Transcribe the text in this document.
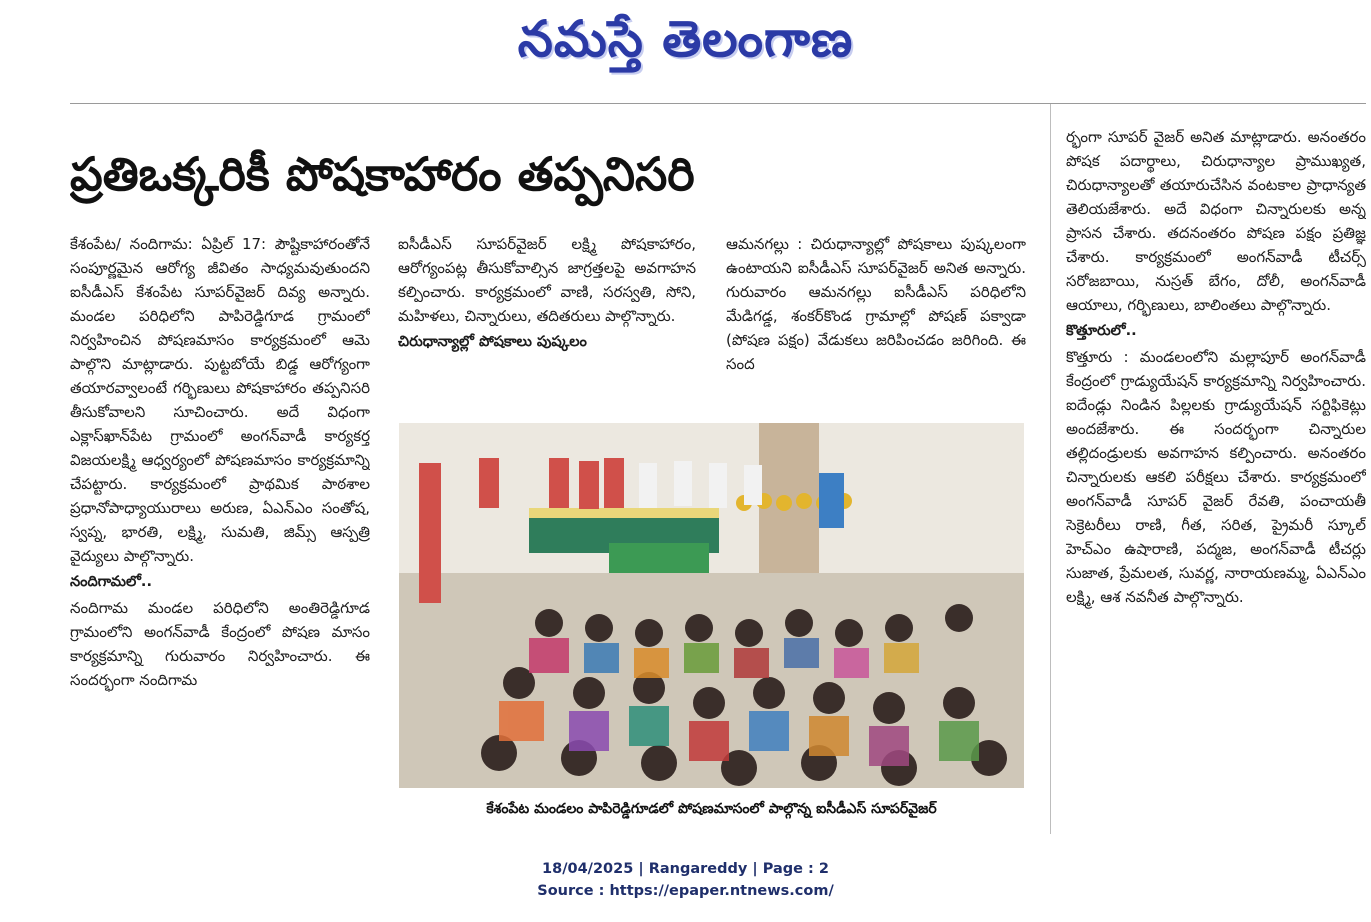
నమస్తే తెలంగాణ
ప్రతిఒక్కరికీ పోషకాహారం తప్పనిసరి

కేశంపేట/ నందిగామ: ఏప్రిల్ 17: పౌష్టికాహారంతోనే సంపూర్ణమైన ఆరోగ్య జీవితం సాధ్యమవుతుందని ఐసీడీఎస్ కేశంపేట సూపర్‌వైజర్ దివ్య అన్నారు. మండల పరిధిలోని పాపిరెడ్డిగూడ గ్రామంలో నిర్వహించిన పోషణమాసం కార్యక్రమంలో ఆమె పాల్గొని మాట్లాడారు. పుట్టబోయే బిడ్డ ఆరోగ్యంగా తయారవ్వాలంటే గర్భిణులు పోషకాహారం తప్పనిసరి తీసుకోవాలని సూచించారు. అదే విధంగా ఎక్లాస్‌ఖాన్‌పేట గ్రామంలో అంగన్‌వాడీ కార్యకర్త విజయలక్ష్మి ఆధ్వర్యంలో పోషణమాసం కార్యక్రమాన్ని చేపట్టారు. కార్యక్రమంలో ప్రాథమిక పాఠశాల ప్రధానోపాధ్యాయురాలు అరుణ, ఏఎన్‌ఎం సంతోష, స్వప్న, భారతి, లక్ష్మి, సుమతి, జిమ్స్ ఆస్పత్రి వైద్యులు పాల్గొన్నారు.

నందిగామలో..

నందిగామ మండల పరిధిలోని అంతిరెడ్డిగూడ గ్రామంలోని అంగన్‌వాడీ కేంద్రంలో పోషణ మాసం కార్యక్రమాన్ని గురువారం నిర్వహించారు. ఈ సందర్భంగా నందిగామ

ఐసీడీఎస్ సూపర్‌వైజర్ లక్ష్మి పోషకాహారం, ఆరోగ్యంపట్ల తీసుకోవాల్సిన జాగ్రత్తలపై అవగాహన కల్పించారు. కార్యక్రమంలో వాణి, సరస్వతి, సోని, మహిళలు, చిన్నారులు, తదితరులు పాల్గొన్నారు.

చిరుధాన్యాల్లో పోషకాలు పుష్కలం

ఆమనగల్లు : చిరుధాన్యాల్లో పోషకాలు పుష్కలంగా ఉంటాయని ఐసీడీఎస్ సూపర్‌వైజర్ అనిత అన్నారు. గురువారం ఆమనగల్లు ఐసీడీఎస్ పరిధిలోని మేడిగడ్డ, శంకర్‌కొండ గ్రామాల్లో పోషణ్ పక్వాడా (పోషణ పక్షం) వేడుకలు జరిపించడం జరిగింది. ఈ సంద

ర్భంగా సూపర్ వైజర్ అనిత మాట్లాడారు. అనంతరం పోషక పదార్థాలు, చిరుధాన్యాల ప్రాముఖ్యత, చిరుధాన్యాలతో తయారుచేసిన వంటకాల ప్రాధాన్యత తెలియజేశారు. అదే విధంగా చిన్నారులకు అన్న ప్రాసన చేశారు. తదనంతరం పోషణ పక్షం ప్రతిజ్ఞ చేశారు. కార్యక్రమంలో అంగన్‌వాడీ టీచర్స్ సరోజబాయి, నుస్రత్ బేగం, దోలీ, అంగన్‌వాడీ ఆయాలు, గర్భిణులు, బాలింతలు పాల్గొన్నారు.

కొత్తూరులో..

కొత్తూరు : మండలంలోని మల్లాపూర్ అంగన్‌వాడీ కేంద్రంలో గ్రాడ్యుయేషన్ కార్యక్రమాన్ని నిర్వహించారు. ఐదేండ్లు నిండిన పిల్లలకు గ్రాడ్యుయేషన్ సర్టిఫికెట్లు అందజేశారు. ఈ సందర్భంగా చిన్నారుల తల్లిదండ్రులకు అవగాహన కల్పించారు. అనంతరం చిన్నారులకు ఆకలి పరీక్షలు చేశారు. కార్యక్రమంలో అంగన్‌వాడీ సూపర్ వైజర్ రేవతి, పంచాయతీ సెక్రెటరీలు రాణి, గీత, సరిత, ప్రైమరీ స్కూల్ హెచ్‌ఎం ఉషారాణి, పద్మజ, అంగన్‌వాడీ టీచర్లు సుజాత, ప్రేమలత, సువర్ణ, నారాయణమ్మ, ఏఎన్‌ఎం లక్ష్మి, ఆశ నవనీత పాల్గొన్నారు.

కేశంపేట మండలం పాపిరెడ్డిగూడలో పోషణమాసంలో పాల్గొన్న ఐసీడీఎస్ సూపర్‌వైజర్
18/04/2025 | Rangareddy | Page : 2
Source : https://epaper.ntnews.com/
